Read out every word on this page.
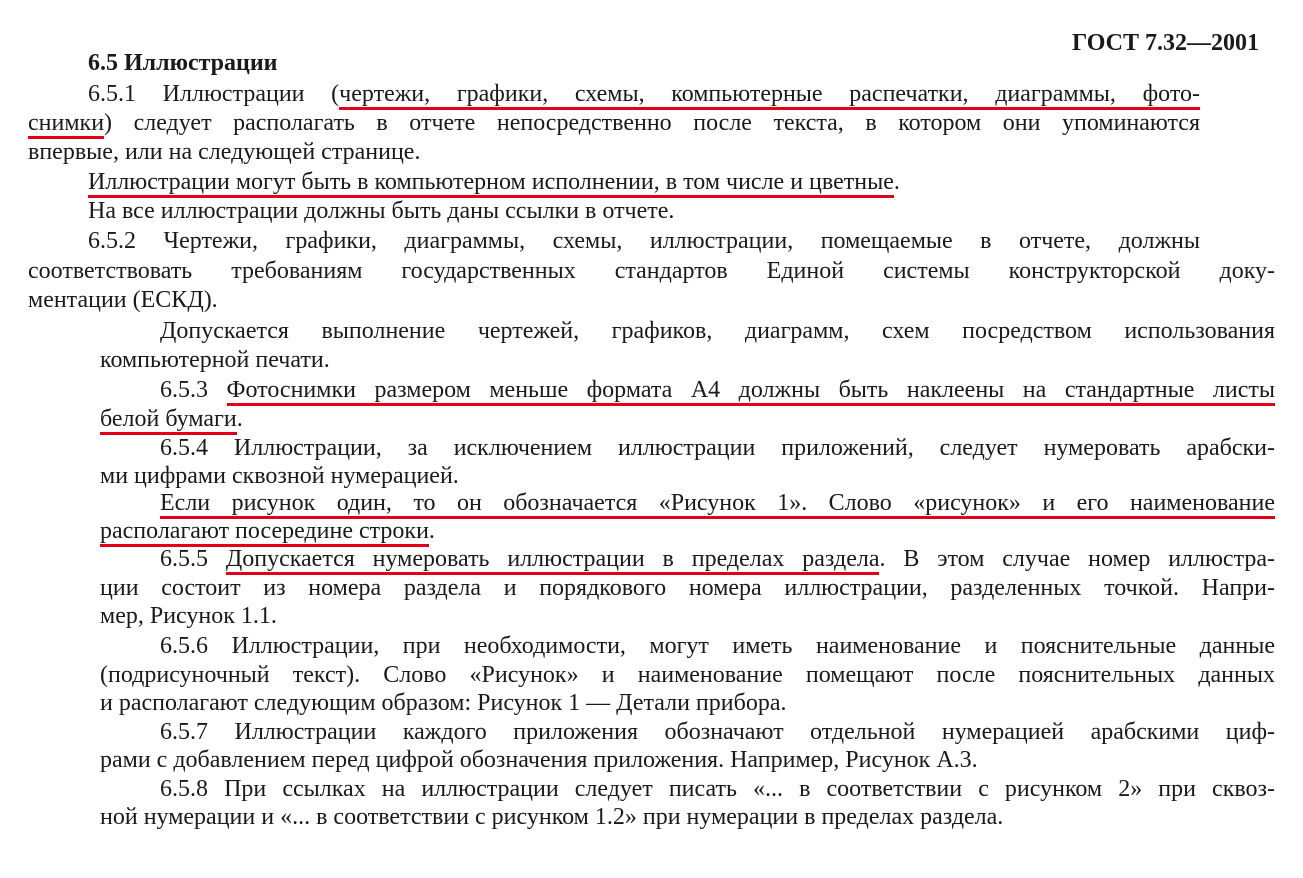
ГОСТ 7.32—2001
6.5 Иллюстрации
6.5.1 Иллюстрации (чертежи, графики, схемы, компьютерные распечатки, диаграммы, фото-
снимки) следует располагать в отчете непосредственно после текста, в котором они упоминаются
впервые, или на следующей странице.
Иллюстрации могут быть в компьютерном исполнении, в том числе и цветные.
На все иллюстрации должны быть даны ссылки в отчете.
6.5.2 Чертежи, графики, диаграммы, схемы, иллюстрации, помещаемые в отчете, должны
соответствовать требованиям государственных стандартов Единой системы конструкторской доку-
ментации (ЕСКД).
Допускается выполнение чертежей, графиков, диаграмм, схем посредством использования
компьютерной печати.
6.5.3 Фотоснимки размером меньше формата А4 должны быть наклеены на стандартные листы
белой бумаги.
6.5.4 Иллюстрации, за исключением иллюстрации приложений, следует нумеровать арабски-
ми цифрами сквозной нумерацией.
Если рисунок один, то он обозначается «Рисунок 1». Слово «рисунок» и его наименование
располагают посередине строки.
6.5.5 Допускается нумеровать иллюстрации в пределах раздела. В этом случае номер иллюстра-
ции состоит из номера раздела и порядкового номера иллюстрации, разделенных точкой. Напри-
мер, Рисунок 1.1.
6.5.6 Иллюстрации, при необходимости, могут иметь наименование и пояснительные данные
(подрисуночный текст). Слово «Рисунок» и наименование помещают после пояснительных данных
и располагают следующим образом: Рисунок 1 — Детали прибора.
6.5.7 Иллюстрации каждого приложения обозначают отдельной нумерацией арабскими циф-
рами с добавлением перед цифрой обозначения приложения. Например, Рисунок А.3.
6.5.8 При ссылках на иллюстрации следует писать «... в соответствии с рисунком 2» при сквоз-
ной нумерации и «... в соответствии с рисунком 1.2» при нумерации в пределах раздела.
